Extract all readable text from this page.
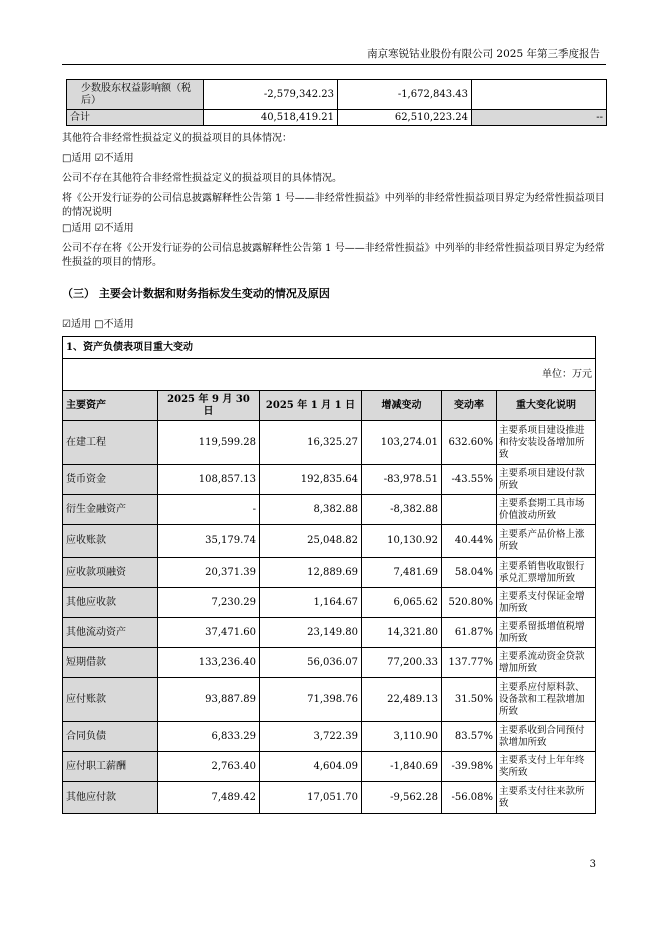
南京寒锐钴业股份有限公司 2025 年第三季度报告
少数股东权益影响额（税后）	-2,579,342.23	-1,672,843.43	
合计	40,518,419.21	62,510,223.24	--
其他符合非经常性损益定义的损益项目的具体情况：
□适用 ☑不适用
公司不存在其他符合非经常性损益定义的损益项目的具体情况。
将《公开发行证券的公司信息披露解释性公告第 1 号——非经常性损益》中列举的非经常性损益项目界定为经常性损益项目的情况说明
□适用 ☑不适用
公司不存在将《公开发行证券的公司信息披露解释性公告第 1 号——非经常性损益》中列举的非经常性损益项目界定为经常性损益的项目的情形。
（三） 主要会计数据和财务指标发生变动的情况及原因
☑适用 □不适用
1、资产负债表项目重大变动					
单位：万元					
主要资产	2025 年 9 月 30 日	2025 年 1 月 1 日	增减变动	变动率	重大变化说明
在建工程	119,599.28	16,325.27	103,274.01	632.60%	主要系项目建设推进和待安装设备增加所致
货币资金	108,857.13	192,835.64	-83,978.51	-43.55%	主要系项目建设付款所致
衍生金融资产	-	8,382.88	-8,382.88		主要系套期工具市场价值波动所致
应收账款	35,179.74	25,048.82	10,130.92	40.44%	主要系产品价格上涨所致
应收款项融资	20,371.39	12,889.69	7,481.69	58.04%	主要系销售收取银行承兑汇票增加所致
其他应收款	7,230.29	1,164.67	6,065.62	520.80%	主要系支付保证金增加所致
其他流动资产	37,471.60	23,149.80	14,321.80	61.87%	主要系留抵增值税增加所致
短期借款	133,236.40	56,036.07	77,200.33	137.77%	主要系流动资金贷款增加所致
应付账款	93,887.89	71,398.76	22,489.13	31.50%	主要系应付原料款、设备款和工程款增加所致
合同负债	6,833.29	3,722.39	3,110.90	83.57%	主要系收到合同预付款增加所致
应付职工薪酬	2,763.40	4,604.09	-1,840.69	-39.98%	主要系支付上年年终奖所致
其他应付款	7,489.42	17,051.70	-9,562.28	-56.08%	主要系支付往来款所致
3
